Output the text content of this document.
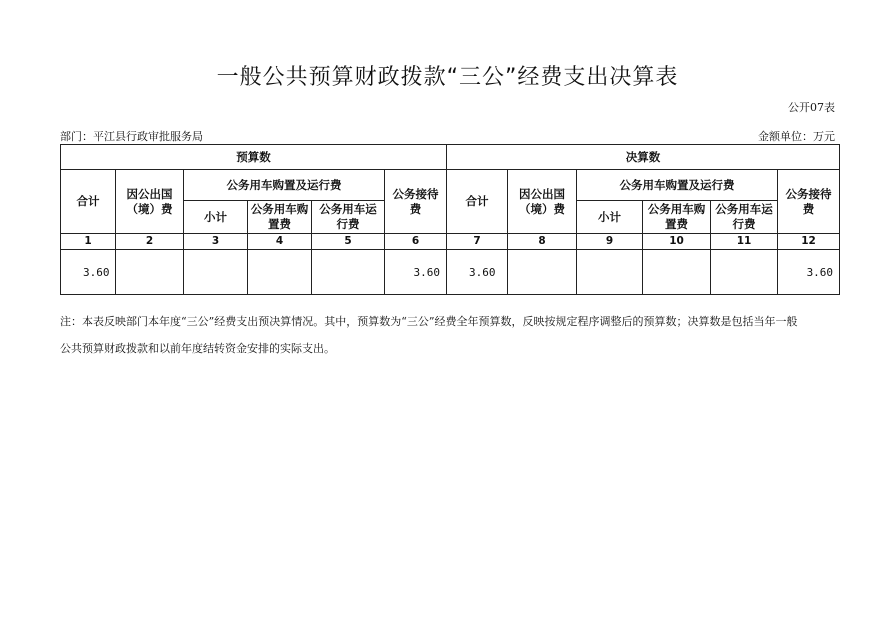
一般公共预算财政拨款“三公”经费支出决算表
公开07表
部门：平江县行政审批服务局	金额单位：万元
预算数						决算数					
合计	因公出国（境）费	公务用车购置及运行费			公务接待费	合计	因公出国（境）费	公务用车购置及运行费			公务接待费
		小计	公务用车购置费	公务用车运行费				小计	公务用车购置费	公务用车运行费	
1	2	3	4	5	6	7	8	9	10	11	12
3.60					3.60	3.60					3.60
注：本表反映部门本年度“三公”经费支出预决算情况。其中，预算数为“三公”经费全年预算数，反映按规定程序调整后的预算数；决算数是包括当年一般
公共预算财政拨款和以前年度结转资金安排的实际支出。
